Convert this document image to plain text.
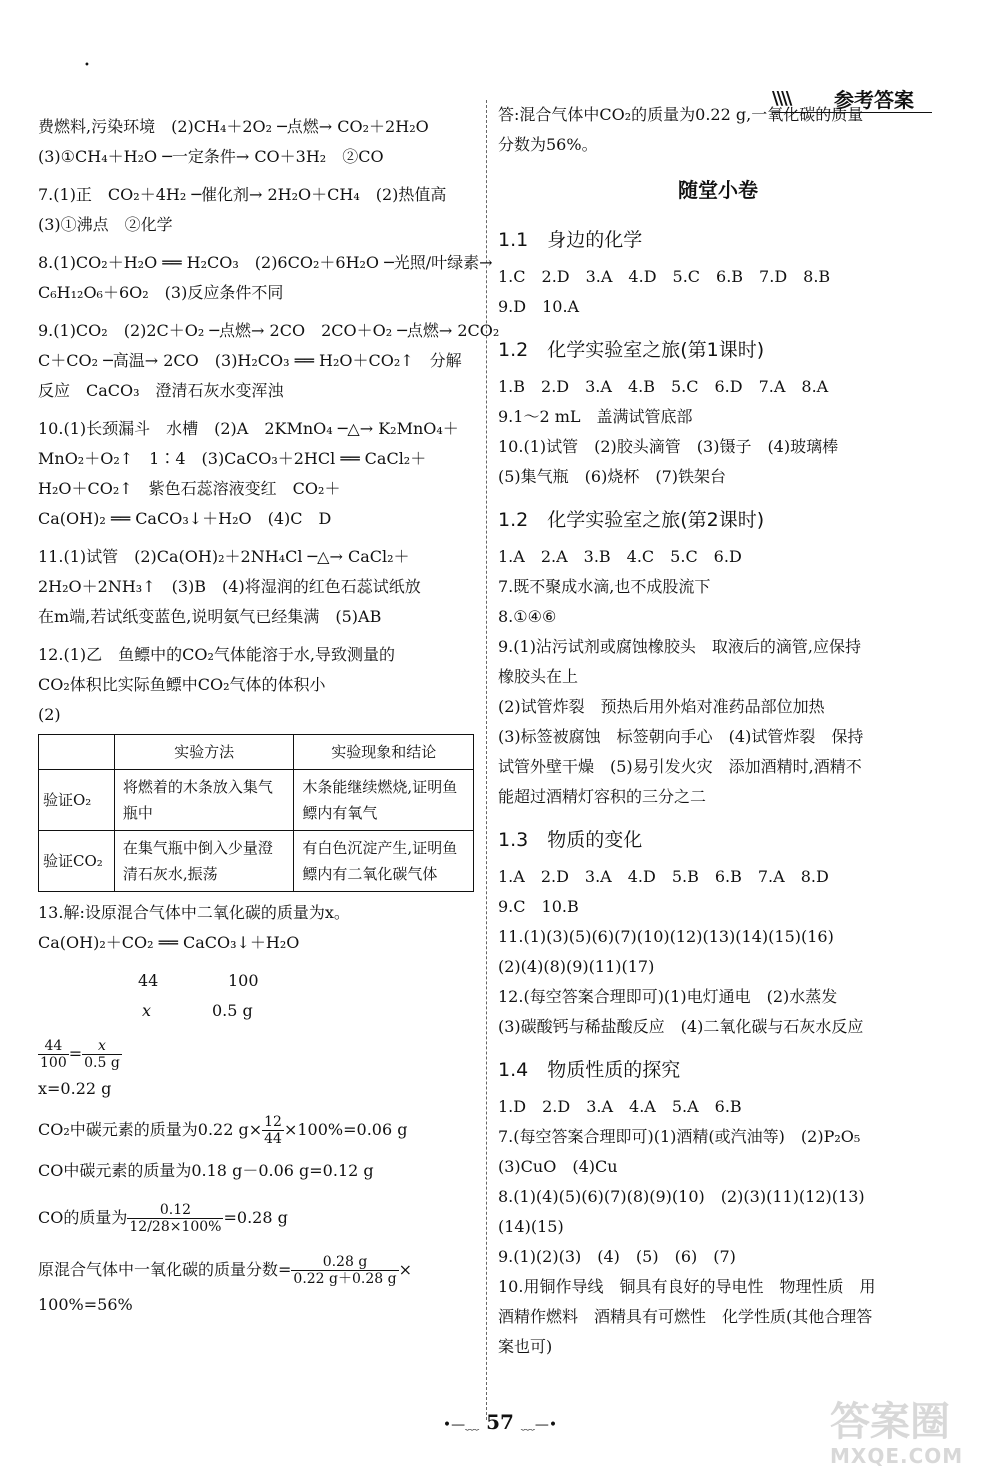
•
\\\\ 参考答案
费燃料,污染环境　(2)CH₄＋2O₂ ─点燃→ CO₂＋2H₂O
(3)①CH₄＋H₂O ─一定条件→ CO＋3H₂　②CO
7.(1)正　CO₂＋4H₂ ─催化剂→ 2H₂O＋CH₄　(2)热值高
(3)①沸点　②化学
8.(1)CO₂＋H₂O ══ H₂CO₃　(2)6CO₂＋6H₂O ─光照/叶绿素→
C₆H₁₂O₆＋6O₂　(3)反应条件不同
9.(1)CO₂　(2)2C＋O₂ ─点燃→ 2CO　2CO＋O₂ ─点燃→ 2CO₂
C＋CO₂ ─高温→ 2CO　(3)H₂CO₃ ══ H₂O＋CO₂↑　分解
反应　CaCO₃　澄清石灰水变浑浊
10.(1)长颈漏斗　水槽　(2)A　2KMnO₄ ─△→ K₂MnO₄＋
MnO₂＋O₂↑　1∶4　(3)CaCO₃＋2HCl ══ CaCl₂＋
H₂O＋CO₂↑　紫色石蕊溶液变红　CO₂＋
Ca(OH)₂ ══ CaCO₃↓＋H₂O　(4)C　D
11.(1)试管　(2)Ca(OH)₂＋2NH₄Cl ─△→ CaCl₂＋
2H₂O＋2NH₃↑　(3)B　(4)将湿润的红色石蕊试纸放
在m端,若试纸变蓝色,说明氨气已经集满　(5)AB
12.(1)乙　鱼鳔中的CO₂气体能溶于水,导致测量的
CO₂体积比实际鱼鳔中CO₂气体的体积小
(2)
	实验方法	实验现象和结论
验证O₂	将燃着的木条放入集气瓶中	木条能继续燃烧,证明鱼鳔内有氧气
验证CO₂	在集气瓶中倒入少量澄清石灰水,振荡	有白色沉淀产生,证明鱼鳔内有二氧化碳气体
13.解:设原混合气体中二氧化碳的质量为x。
Ca(OH)₂＋CO₂ ══ CaCO₃↓＋H₂O
44	100
x	0.5 g
$\frac{44}{100} = \frac{x}{0.5 g}$
x=0.22 g
CO₂中碳元素的质量为0.22 $g\times \frac{12}{44} \times 100\%=0.06$ g
CO中碳元素的质量为0.18 g－0.06 g=0.12 g
CO的质量为 $\frac{0.12}{12/28\times 100\%} =0.28$ g
原混合气体中一氧化碳的质量分数= $\frac{0.28 g}{0.22 g+0.28 g}$ ×
100%=56%
答:混合气体中CO₂的质量为0.22 g,一氧化碳的质量
分数为56%。
随堂小卷
1.1　身边的化学
1.C　2.D　3.A　4.D　5.C　6.B　7.D　8.B
9.D　10.A
1.2　化学实验室之旅(第1课时)
1.B　2.D　3.A　4.B　5.C　6.D　7.A　8.A
9.1～2 mL　盖满试管底部
10.(1)试管　(2)胶头滴管　(3)镊子　(4)玻璃棒
(5)集气瓶　(6)烧杯　(7)铁架台
1.2　化学实验室之旅(第2课时)
1.A　2.A　3.B　4.C　5.C　6.D
7.既不聚成水滴,也不成股流下
8.①④⑥
9.(1)沾污试剂或腐蚀橡胶头　取液后的滴管,应保持
橡胶头在上
(2)试管炸裂　预热后用外焰对准药品部位加热
(3)标签被腐蚀　标签朝向手心　(4)试管炸裂　保持
试管外壁干燥　(5)易引发火灾　添加酒精时,酒精不
能超过酒精灯容积的三分之二
1.3　物质的变化
1.A　2.D　3.A　4.D　5.B　6.B　7.A　8.D
9.C　10.B
11.(1)(3)(5)(6)(7)(10)(12)(13)(14)(15)(16)
(2)(4)(8)(9)(11)(17)
12.(每空答案合理即可)(1)电灯通电　(2)水蒸发
(3)碳酸钙与稀盐酸反应　(4)二氧化碳与石灰水反应
1.4　物质性质的探究
1.D　2.D　3.A　4.A　5.A　6.B
7.(每空答案合理即可)(1)酒精(或汽油等)　(2)P₂O₅
(3)CuO　(4)Cu
8.(1)(4)(5)(6)(7)(8)(9)(10)　(2)(3)(11)(12)(13)
(14)(15)
9.(1)(2)(3)　(4)　(5)　(6)　(7)
10.用铜作导线　铜具有良好的导电性　物理性质　用
酒精作燃料　酒精具有可燃性　化学性质(其他合理答
案也可)
•—﹏ 57 ﹏—•	答案圈
MXQE.COM
